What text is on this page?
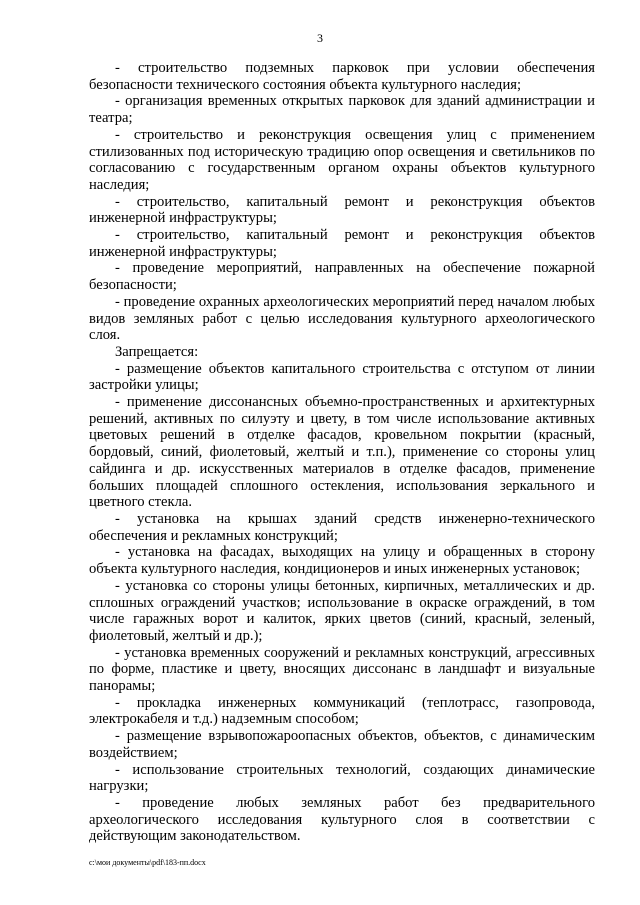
3

- строительство подземных парковок при условии обеспечения безопасности технического состояния объекта культурного наследия;

- организация временных открытых парковок для зданий администрации и театра;

- строительство и реконструкция освещения улиц с применением стилизованных под историческую традицию опор освещения и светильников по согласованию с государственным органом охраны объектов культурного наследия;

- строительство, капитальный ремонт и реконструкция объектов инженерной инфраструктуры;

- строительство, капитальный ремонт и реконструкция объектов инженерной инфраструктуры;

- проведение мероприятий, направленных на обеспечение пожарной безопасности;

- проведение охранных археологических мероприятий перед началом любых видов земляных работ с целью исследования культурного археологического слоя.

Запрещается:

- размещение объектов капитального строительства с отступом от линии застройки улицы;

- применение диссонансных объемно-пространственных и архитектурных решений, активных по силуэту и цвету, в том числе использование активных цветовых решений в отделке фасадов, кровельном покрытии (красный, бордовый, синий, фиолетовый, желтый и т.п.), применение со стороны улиц сайдинга и др. искусственных материалов в отделке фасадов, применение больших площадей сплошного остекления, использования зеркального и цветного стекла.

- установка на крышах зданий средств инженерно-технического обеспечения и рекламных конструкций;

- установка на фасадах, выходящих на улицу и обращенных в сторону объекта культурного наследия, кондиционеров и иных инженерных установок;

- установка со стороны улицы бетонных, кирпичных, металлических и др. сплошных ограждений участков; использование в окраске ограждений, в том числе гаражных ворот и калиток, ярких цветов (синий, красный, зеленый, фиолетовый, желтый и др.);

- установка временных сооружений и рекламных конструкций, агрессивных по форме, пластике и цвету, вносящих диссонанс в ландшафт и визуальные панорамы;

- прокладка инженерных коммуникаций (теплотрасс, газопровода, электрокабеля и т.д.) надземным способом;

- размещение взрывопожароопасных объектов, объектов, с динамическим воздействием;

- использование строительных технологий, создающих динамические нагрузки;

- проведение любых земляных работ без предварительного археологического исследования культурного слоя в соответствии с действующим законодательством.

c:\мои документы\pdf\183-пп.docx
